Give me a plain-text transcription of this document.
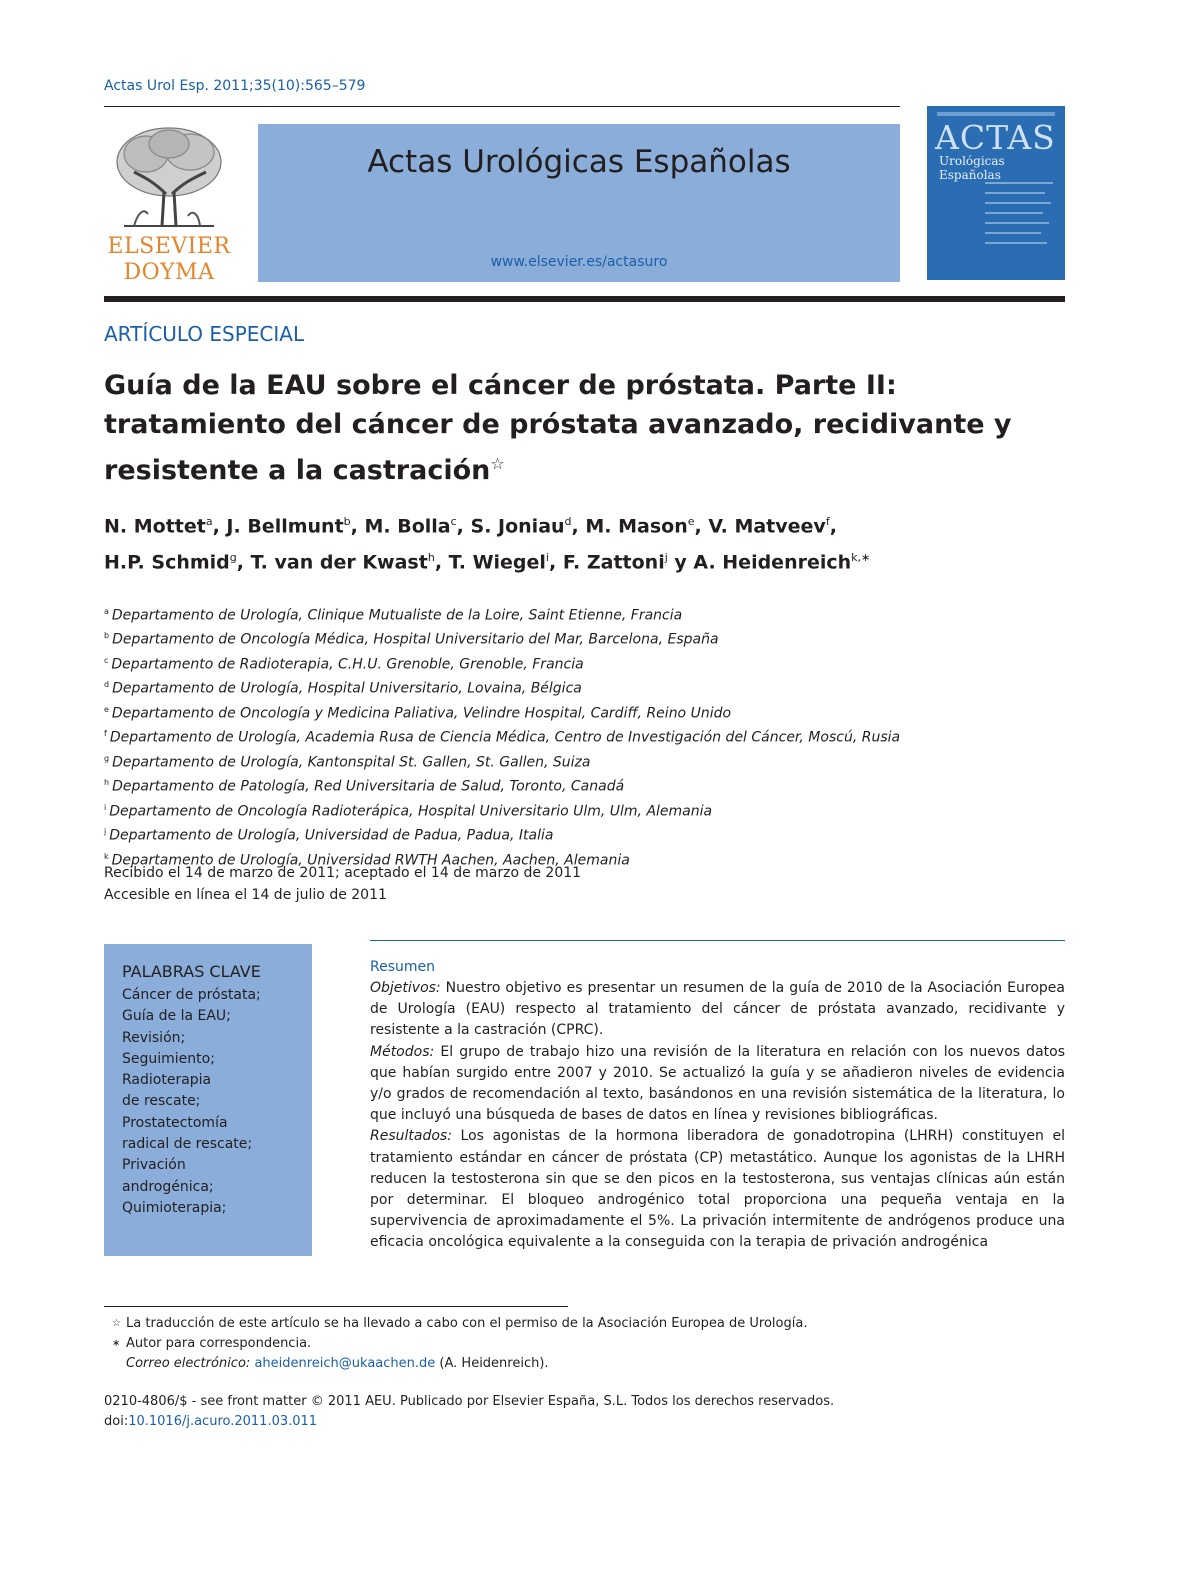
Actas Urol Esp. 2011;35(10):565–579
ELSEVIER
DOYMA
Actas Urológicas Españolas
www.elsevier.es/actasuro
ACTAS
Urológicas Españolas
ARTÍCULO ESPECIAL
Guía de la EAU sobre el cáncer de próstata. Parte II: tratamiento del cáncer de próstata avanzado, recidivante y resistente a la castración☆
N. Mottet$^a$, J. Bellmunt$^b$, M. Bolla$^c$, S. Joniau$^d$, M. Mason$^e$, V. Matveev$^f$,
H.P. Schmid$^g$, T. van der Kwast$^h$, T. Wiegel$^i$, F. Zattoni$^j$ y A. Heidenreich$^{k,∗}$
$^a$ Departamento de Urología, Clinique Mutualiste de la Loire, Saint Etienne, Francia
$^b$ Departamento de Oncología Médica, Hospital Universitario del Mar, Barcelona, España
$^c$ Departamento de Radioterapia, C.H.U. Grenoble, Grenoble, Francia
$^d$ Departamento de Urología, Hospital Universitario, Lovaina, Bélgica
$^e$ Departamento de Oncología y Medicina Paliativa, Velindre Hospital, Cardiff, Reino Unido
$^f$ Departamento de Urología, Academia Rusa de Ciencia Médica, Centro de Investigación del Cáncer, Moscú, Rusia
$^g$ Departamento de Urología, Kantonspital St. Gallen, St. Gallen, Suiza
$^h$ Departamento de Patología, Red Universitaria de Salud, Toronto, Canadá
$^i$ Departamento de Oncología Radioterápica, Hospital Universitario Ulm, Ulm, Alemania
$^j$ Departamento de Urología, Universidad de Padua, Padua, Italia
$^k$ Departamento de Urología, Universidad RWTH Aachen, Aachen, Alemania
Recibido el 14 de marzo de 2011; aceptado el 14 de marzo de 2011
Accesible en línea el 14 de julio de 2011
PALABRAS CLAVE
Cáncer de próstata;
Guía de la EAU;
Revisión;
Seguimiento;
Radioterapia
de rescate;
Prostatectomía
radical de rescate;
Privación
androgénica;
Quimioterapia;
Resumen

Objetivos: Nuestro objetivo es presentar un resumen de la guía de 2010 de la Asociación Europea de Urología (EAU) respecto al tratamiento del cáncer de próstata avanzado, recidivante y resistente a la castración (CPRC).

Métodos: El grupo de trabajo hizo una revisión de la literatura en relación con los nuevos datos que habían surgido entre 2007 y 2010. Se actualizó la guía y se añadieron niveles de evidencia y/o grados de recomendación al texto, basándonos en una revisión sistemática de la literatura, lo que incluyó una búsqueda de bases de datos en línea y revisiones bibliográficas.

Resultados: Los agonistas de la hormona liberadora de gonadotropina (LHRH) constituyen el tratamiento estándar en cáncer de próstata (CP) metastático. Aunque los agonistas de la LHRH reducen la testosterona sin que se den picos en la testosterona, sus ventajas clínicas aún están por determinar. El bloqueo androgénico total proporciona una pequeña ventaja en la supervivencia de aproximadamente el 5%. La privación intermitente de andrógenos produce una eficacia oncológica equivalente a la conseguida con la terapia de privación androgénica

☆ La traducción de este artículo se ha llevado a cabo con el permiso de la Asociación Europea de Urología.
∗ Autor para correspondencia.
Correo electrónico: aheidenreich@ukaachen.de (A. Heidenreich).
0210-4806/$ - see front matter © 2011 AEU. Publicado por Elsevier España, S.L. Todos los derechos reservados.
doi:10.1016/j.acuro.2011.03.011
